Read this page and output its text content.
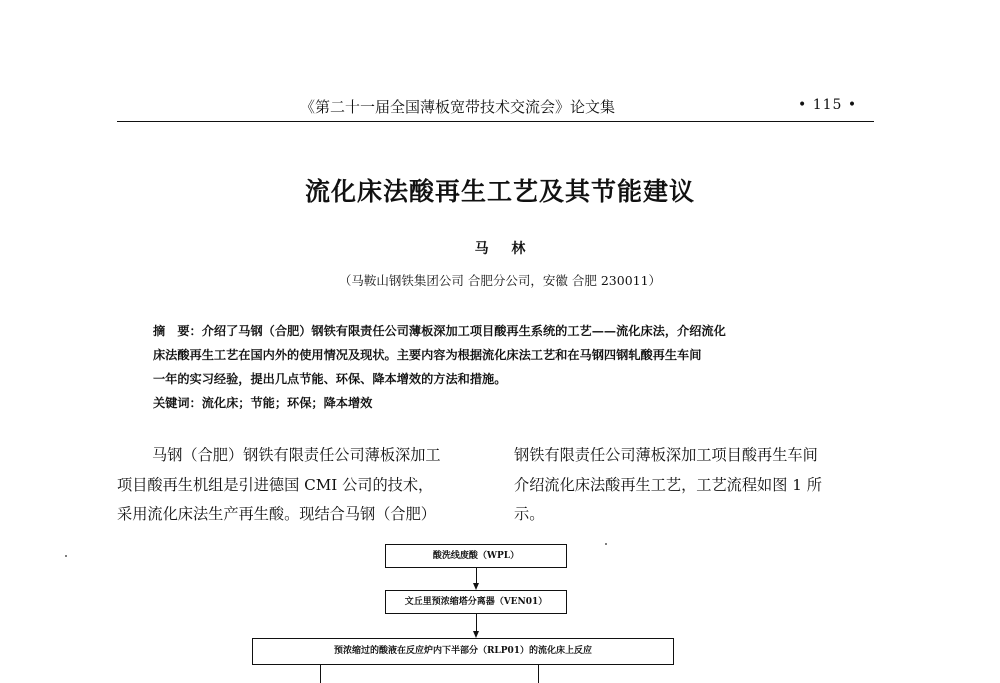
《第二十一届全国薄板宽带技术交流会》论文集	• 115 •
流化床法酸再生工艺及其节能建议
马 林
（马鞍山钢铁集团公司 合肥分公司，安徽 合肥 230011）
摘　要：介绍了马钢（合肥）钢铁有限责任公司薄板深加工项目酸再生系统的工艺——流化床法，介绍流化
床法酸再生工艺在国内外的使用情况及现状。主要内容为根据流化床法工艺和在马钢四钢轧酸再生车间
一年的实习经验，提出几点节能、环保、降本增效的方法和措施。
关键词：流化床；节能；环保；降本增效
马钢（合肥）钢铁有限责任公司薄板深加工
项目酸再生机组是引进德国 CMI 公司的技术，
采用流化床法生产再生酸。现结合马钢（合肥）
钢铁有限责任公司薄板深加工项目酸再生车间
介绍流化床法酸再生工艺，工艺流程如图 1 所
示。
酸洗线废酸（WPL）
文丘里预浓缩塔分离器（VEN01）
预浓缩过的酸液在反应炉内下半部分（RLP01）的流化床上反应
